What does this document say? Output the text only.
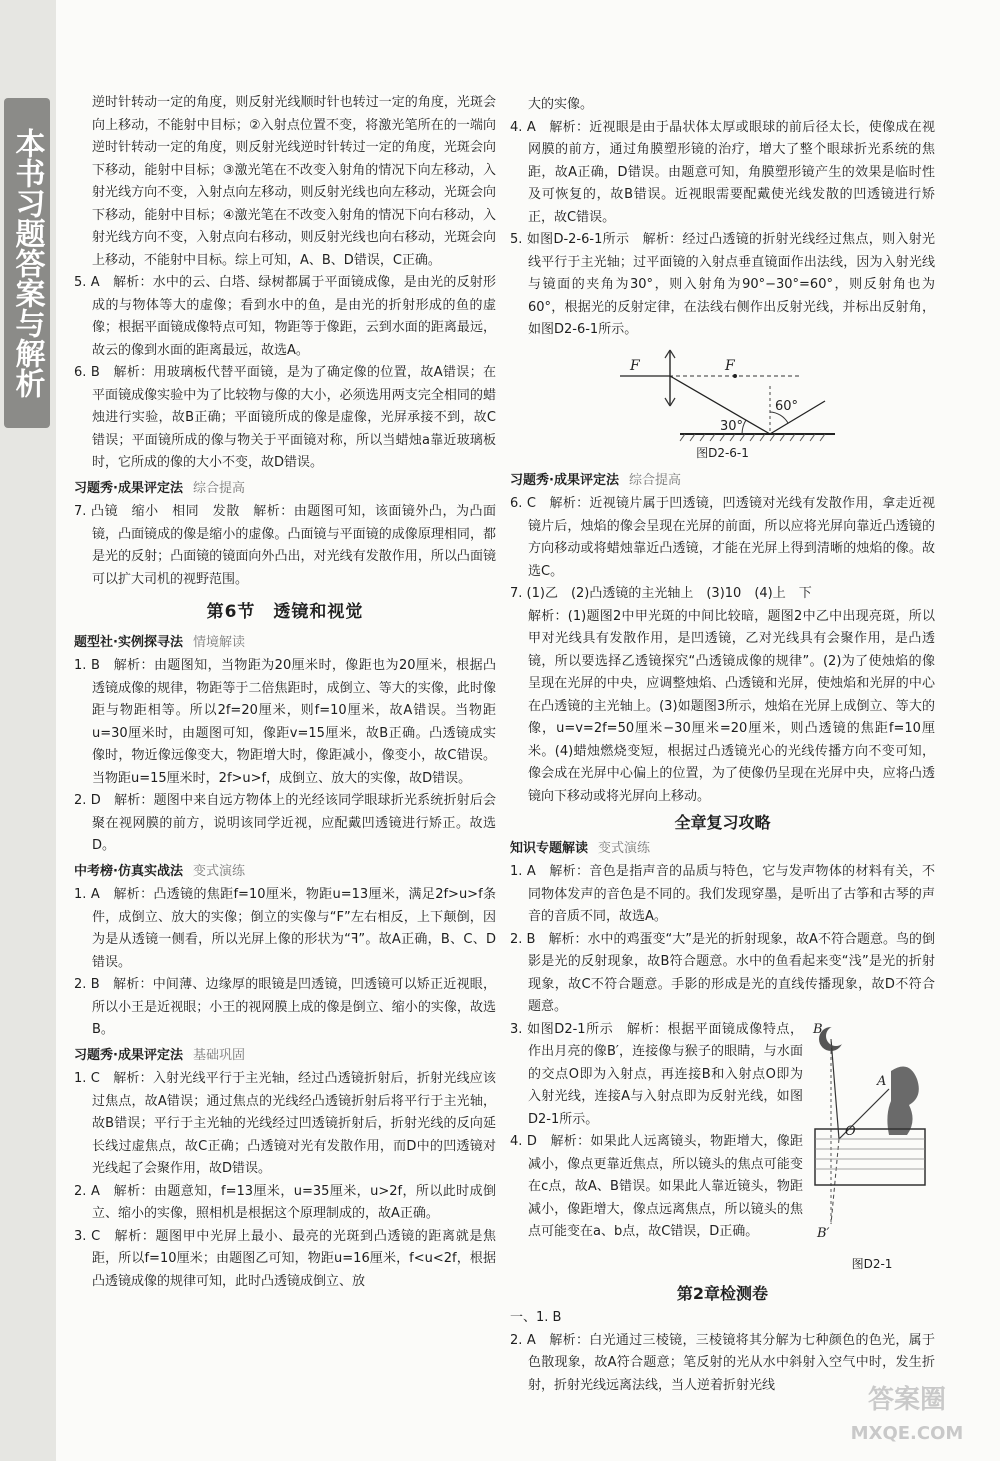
本书习题答案与解析

逆时针转动一定的角度，则反射光线顺时针也转过一定的角度，光斑会向上移动，不能射中目标；②入射点位置不变，将激光笔所在的一端向逆时针转动一定的角度，则反射光线逆时针转过一定的角度，光斑会向下移动，能射中目标；③激光笔在不改变入射角的情况下向左移动，入射光线方向不变，入射点向左移动，则反射光线也向左移动，光斑会向下移动，能射中目标；④激光笔在不改变入射角的情况下向右移动，入射光线方向不变，入射点向右移动，则反射光线也向右移动，光斑会向上移动，不能射中目标。综上可知，A、B、D错误，C正确。

5. A　解析：水中的云、白塔、绿树都属于平面镜成像，是由光的反射形成的与物体等大的虚像；看到水中的鱼，是由光的折射形成的鱼的虚像；根据平面镜成像特点可知，物距等于像距，云到水面的距离最远，故云的像到水面的距离最远，故选A。

6. B　解析：用玻璃板代替平面镜，是为了确定像的位置，故A错误；在平面镜成像实验中为了比较物与像的大小，必须选用两支完全相同的蜡烛进行实验，故B正确；平面镜所成的像是虚像，光屏承接不到，故C错误；平面镜所成的像与物关于平面镜对称，所以当蜡烛a靠近玻璃板时，它所成的像的大小不变，故D错误。

习题秀·成果评定法 综合提高

7. 凸镜　缩小　相同　发散　解析：由题图可知，该面镜外凸，为凸面镜，凸面镜成的像是缩小的虚像。凸面镜与平面镜的成像原理相同，都是光的反射；凸面镜的镜面向外凸出，对光线有发散作用，所以凸面镜可以扩大司机的视野范围。

第6节　透镜和视觉
题型社·实例探寻法 情境解读

1. B　解析：由题图知，当物距为20厘米时，像距也为20厘米，根据凸透镜成像的规律，物距等于二倍焦距时，成倒立、等大的实像，此时像距与物距相等。所以2f=20厘米，则f=10厘米，故A错误。当物距u=30厘米时，由题图可知，像距v=15厘米，故B正确。凸透镜成实像时，物近像远像变大，物距增大时，像距减小，像变小，故C错误。当物距u=15厘米时，2f>u>f，成倒立、放大的实像，故D错误。

2. D　解析：题图中来自远方物体上的光经该同学眼球折光系统折射后会聚在视网膜的前方，说明该同学近视，应配戴凹透镜进行矫正。故选D。

中考榜·仿真实战法 变式演练

1. A　解析：凸透镜的焦距f=10厘米，物距u=13厘米，满足2f>u>f条件，成倒立、放大的实像；倒立的实像与“F”左右相反，上下颠倒，因为是从透镜一侧看，所以光屏上像的形状为“ꟻ”。故A正确，B、C、D错误。

2. B　解析：中间薄、边缘厚的眼镜是凹透镜，凹透镜可以矫正近视眼，所以小王是近视眼；小王的视网膜上成的像是倒立、缩小的实像，故选B。

习题秀·成果评定法 基础巩固

1. C　解析：入射光线平行于主光轴，经过凸透镜折射后，折射光线应该过焦点，故A错误；通过焦点的光线经凸透镜折射后将平行于主光轴，故B错误；平行于主光轴的光线经过凹透镜折射后，折射光线的反向延长线过虚焦点，故C正确；凸透镜对光有发散作用，而D中的凹透镜对光线起了会聚作用，故D错误。

2. A　解析：由题意知，f=13厘米，u=35厘米，u>2f，所以此时成倒立、缩小的实像，照相机是根据这个原理制成的，故A正确。

3. C　解析：题图甲中光屏上最小、最亮的光斑到凸透镜的距离就是焦距，所以f=10厘米；由题图乙可知，物距u=16厘米，f<u<2f，根据凸透镜成像的规律可知，此时凸透镜成倒立、放

大的实像。

4. A　解析：近视眼是由于晶状体太厚或眼球的前后径太长，使像成在视网膜的前方，通过角膜塑形镜的治疗，增大了整个眼球折光系统的焦距，故A正确，D错误。由题意可知，角膜塑形镜产生的效果是临时性及可恢复的，故B错误。近视眼需要配戴使光线发散的凹透镜进行矫正，故C错误。

5. 如图D-2-6-1所示　解析：经过凸透镜的折射光线经过焦点，则入射光线平行于主光轴；过平面镜的入射点垂直镜面作出法线，因为入射光线与镜面的夹角为30°，则入射角为90°−30°=60°，则反射角也为60°，根据光的反射定律，在法线右侧作出反射光线，并标出反射角，如图D2-6-1所示。

F	F
30°
60°
图D2-6-1
习题秀·成果评定法 综合提高

6. C　解析：近视镜片属于凹透镜，凹透镜对光线有发散作用，拿走近视镜片后，烛焰的像会呈现在光屏的前面，所以应将光屏向靠近凸透镜的方向移动或将蜡烛靠近凸透镜，才能在光屏上得到清晰的烛焰的像。故选C。

7. (1)乙　(2)凸透镜的主光轴上　(3)10　(4)上　下

解析：(1)题图2中甲光斑的中间比较暗，题图2中乙中出现亮斑，所以甲对光线具有发散作用，是凹透镜，乙对光线具有会聚作用，是凸透镜，所以要选择乙透镜探究“凸透镜成像的规律”。(2)为了使烛焰的像呈现在光屏的中央，应调整烛焰、凸透镜和光屏，使烛焰和光屏的中心在凸透镜的主光轴上。(3)如题图3所示，烛焰在光屏上成倒立、等大的像，u=v=2f=50厘米−30厘米=20厘米，则凸透镜的焦距f=10厘米。(4)蜡烛燃烧变短，根据过凸透镜光心的光线传播方向不变可知，像会成在光屏中心偏上的位置，为了使像仍呈现在光屏中央，应将凸透镜向下移动或将光屏向上移动。

全章复习攻略
知识专题解读 变式演练

1. A　解析：音色是指声音的品质与特色，它与发声物体的材料有关，不同物体发声的音色是不同的。我们发现穿墨，是听出了古筝和古琴的声音的音质不同，故选A。

2. B　解析：水中的鸡蛋变“大”是光的折射现象，故A不符合题意。鸟的倒影是光的反射现象，故B符合题意。水中的鱼看起来变“浅”是光的折射现象，故C不符合题意。手影的形成是光的直线传播现象，故D不符合题意。

B
A
O
B′
图D2-1

3. 如图D2-1所示　解析：根据平面镜成像特点，作出月亮的像B′，连接像与猴子的眼睛，与水面的交点O即为入射点，再连接B和入射点O即为入射光线，连接A与入射点即为反射光线，如图D2-1所示。

4. D　解析：如果此人远离镜头，物距增大，像距减小，像点更靠近焦点，所以镜头的焦点可能变在c点，故A、B错误。如果此人靠近镜头，物距减小，像距增大，像点远离焦点，所以镜头的焦点可能变在a、b点，故C错误，D正确。

第2章检测卷

一、1. B

2. A　解析：白光通过三棱镜，三棱镜将其分解为七种颜色的色光，属于色散现象，故A符合题意；笔反射的光从水中斜射入空气中时，发生折射，折射光线远离法线，当人逆着折射光线	答案圈
MXQE.COM
